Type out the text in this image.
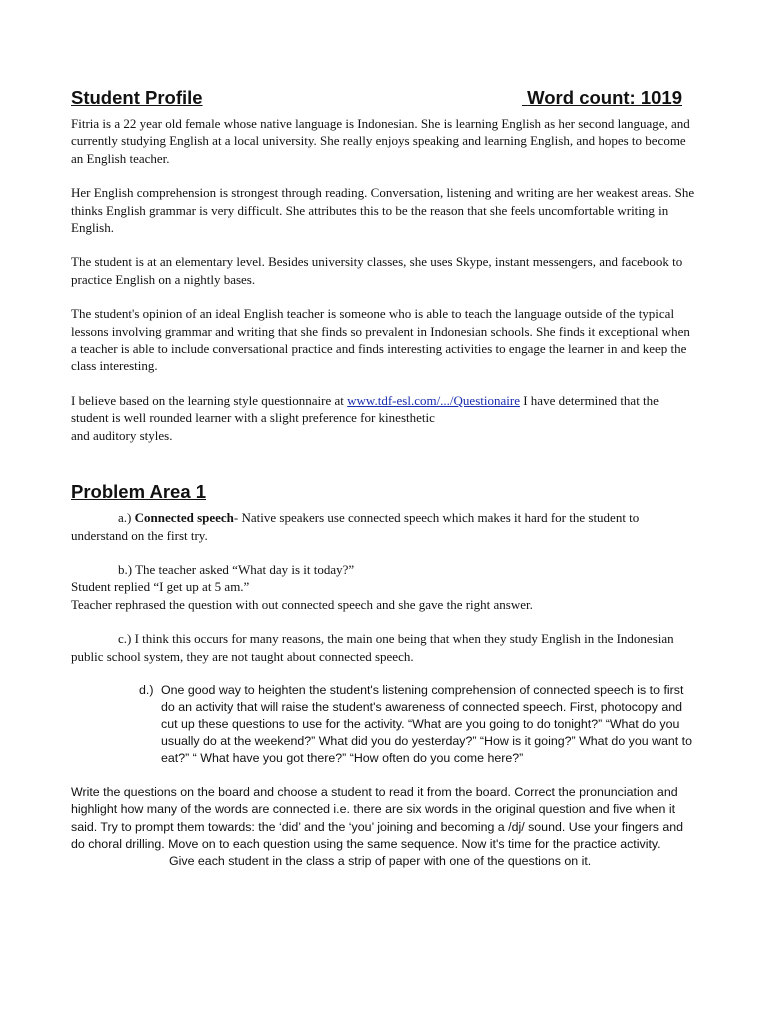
Student Profile	Word count: 1019

Fitria is a 22 year old female whose native language is Indonesian. She is learning English as her second language, and currently studying English at a local university. She really enjoys speaking and learning English, and hopes to become an English teacher.

Her English comprehension is strongest through reading. Conversation, listening and writing are her weakest areas. She thinks English grammar is very difficult. She attributes this to be the reason that she feels uncomfortable writing in English.

The student is at an elementary level. Besides university classes, she uses Skype, instant messengers, and facebook to practice English on a nightly bases.

The student's opinion of an ideal English teacher is someone who is able to teach the language outside of the typical lessons involving grammar and writing that she finds so prevalent in Indonesian schools. She finds it exceptional when a teacher is able to include conversational practice and finds interesting activities to engage the learner in and keep the class interesting.

I believe based on the learning style questionnaire at www.tdf-esl.com/.../Questionaire I have determined that the student is well rounded learner with a slight preference for kinesthetic
and auditory styles.

Problem Area 1

a.) Connected speech- Native speakers use connected speech which makes it hard for the student to understand on the first try.

b.) The teacher asked “What day is it today?”

Student replied “I get up at 5 am.”

Teacher rephrased the question with out connected speech and she gave the right answer.

c.) I think this occurs for many reasons, the main one being that when they study English in the Indonesian public school system, they are not taught about connected speech.

d.) One good way to heighten the student's listening comprehension of connected speech is to first do an activity that will raise the student's awareness of connected speech. First, photocopy and cut up these questions to use for the activity. “What are you going to do tonight?” “What do you usually do at the weekend?” What did you do yesterday?” “How is it going?” What do you want to eat?” “ What have you got there?” “How often do you come here?”

Write the questions on the board and choose a student to read it from the board. Correct the pronunciation and highlight how many of the words are connected i.e. there are six words in the original question and five when it said. Try to prompt them towards: the ‘did’ and the ‘you’ joining and becoming a /dj/ sound. Use your fingers and do choral drilling. Move on to each question using the same sequence. Now it's time for the practice activity.

Give each student in the class a strip of paper with one of the questions on it.
